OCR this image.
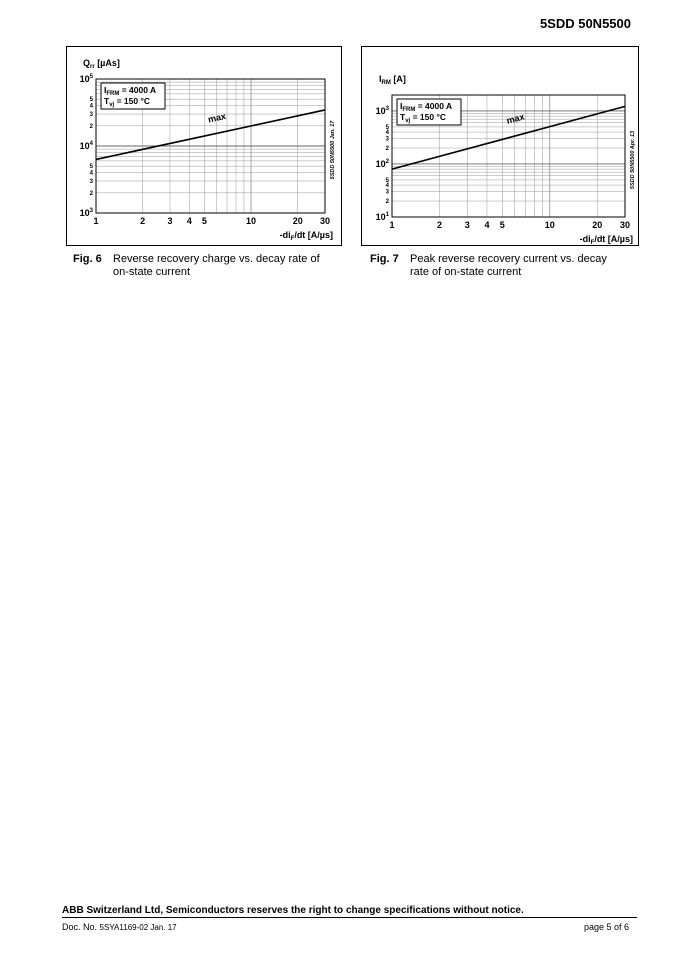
5SDD 50N5500
1	2 3 4 5	10	20 30
$10^3$
$10^4$
$10^5$
2
3
4
5
2
3
4
5
$Q_{rr}$ [µAs]
$-di_F/dt$ [A/µs]
$I_{FRM} = 4000$ A
$T_{vj} = 150$ °C
max
5SDD 50N5500 Jan. 17
1	2	3 4 5	10	20 30
$10^1$
$10^2$
$10^3$
2
3
4
5
2
3
4
5
$I_{RM}$ [A]
$-di_F/dt$ [A/µs]
$I_{FRM} = 4000$ A
$T_{vj} = 150$ °C	max
5SDD 50N5500 Apr. 13
Fig. 6 Reverse recovery charge vs. decay rate of on-state current
Fig. 7 Peak reverse recovery current vs. decay rate of on-state current
ABB Switzerland Ltd, Semiconductors reserves the right to change specifications without notice.
Doc. No. 5SYA1169-02 Jan. 17	page 5 of 6
